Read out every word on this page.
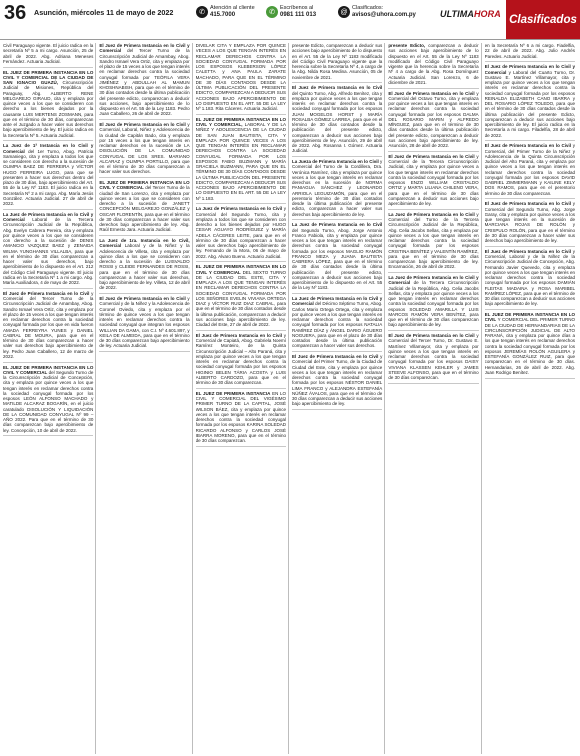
36 Asunción, miércoles 11 de mayo de 2022	✆
Atención al cliente
415.7000	✆
Escríbenos al
0981 111 013	@
Clasificados:
avisos@uhora.com.py	ULTIMAHORA Clasificados

Civil Paraguayo vigente. El juicio radica en la secretaría Nº 5 a mi cargo. Asunción, 25 de abril de 2022. Abg. Adriana Meneses Fernández. Actuaria Judicial.

EL JUEZ DE PRIMERA INSTANCIA EN LO CIVIL Y COMERCIAL DE LA CIUDAD DE SAN IGNACIO GUAZÚ, Circunscripción Judicial de Misiones, República del Paraguay, Abg. ALBERTO RENE MELGAREJO GIRAUD, cita y emplaza por quince veces a los que se consideren con derecho a los bienes dejados por la causante LUIS MERTENS ZOSMANN, para que en el término de 30 días, comparezcan ante el Juzgado a hacer valer sus derechos bajo apercibimiento de ley. El juicio radica en la Secretaría Nº 5. Actuaria Judicial.

La Juez de 1ª Instancia en lo Civil y Comercial del 1er Turno, Abog. Patricia Samaniego, cita y emplaza a todos los que se consideren con derecho a la sucesión de OLIMPIA BAEZ DE FERREIRA y VÍCTOR HUGO FERREIRA LUGO, para que se presenten a hacer sus derechos dentro del plazo de 30 días, bajo apercibimiento del Art. 55 de la Ley Nº 1183. El juicio radica en la Secretaría Nº 2 a mi cargo. Abg. María Jesús González. Actuaria Judicial. 27 de abril de 2022.

La Juez de Primera Instancia en lo Civil y Comercial Laboral de la Tercera Circunscripción Judicial de la República, Abg. Evelyn Cabrera Pereira, cita y emplaza por quince veces a los que se consideren con derecho a la sucesión de DENIS AMANCIO VAZQUEZ BAEZ y ZENAIDA WILMA YUNGHANNS VILLALBA, para que en el término de 30 días comparezcan a hacer valer sus derechos, bajo apercibimiento de lo dispuesto en el Art. 212 del Código Civil Paraguayo vigente. El juicio radica en la Secretaría Nº 1 a mi cargo. Abg. María Auxiliadora, 4 de mayo de 2022.

El Juez de Primera Instancia en lo Civil y Comercial del Tercer Turno de la Circunscripción Judicial de Amambay, Abog. Sandro Ismael Vera Ortiz, cita y emplaza por el plazo de 15 veces a los que tengan interés en reclamar derechos contra la sociedad conyugal formada por los que en vida fueron AMADA FERREYRA YUNES y DANIEL CABRAL DE MOURA, para que en el término de 30 días comparezcan a hacer valer sus derechos bajo apercibimiento de ley. Pedro Juan Caballero, 12 de marzo de 2022.

EL JUEZ DE PRIMERA INSTANCIA EN LO CIVIL Y COMERCIAL del Segundo Turno de la Circunscripción Judicial de Concepción, cita y emplaza por quince veces a los que tengan interés en reclamar derechos contra la sociedad conyugal formada por los esposos LEÓN ALFONSO MACHADO y MATILDE ALCARAZ BOGARÍN, en el juicio caratulado DISOLUCIÓN Y LIQUIDACIÓN DE LA COMUNIDAD CONYUGAL Nº 99 – AÑO 2022. Para que en el término de 30 días comparezcan bajo apercibimiento de ley. Concepción, 10 de abril de 2022.

El Juez de Primera Instancia en lo Civil y Comercial del Tercer Turno de la Circunscripción Judicial de Amambay, Abog. Sandro Ismael Vera Ortiz, cita y emplaza por el plazo de 15 veces a los que tengan interés en reclamar derechos contra la sociedad conyugal formada por TEÓFILA VERA JIMÉNEZ y ABDULLAH AL MAMUN KHOSHNABISH, para que en el término de 30 días contados desde la última publicación del presente edicto, comparezcan a deducir sus acciones, bajo apercibimiento de lo dispuesto en el Art. 55 de la Ley 1183. Pedro Juan Caballero, 26 de abril de 2022.

El Juez de Primera Instancia en lo Civil y Comercial, Laboral, Niñez y Adolescencia de la ciudad de Capitán Bado, cita y emplaza por 15 veces a los que tengan interés en reclamar derechos en la sucesión de LA DISOLUCIÓN DE LA COMUNIDAD CONYUGAL DE LOS SRES. MARIANO ALCARAZ y OLIMPIA PORTILLO, para que en el término de 30 días comparezcan a hacer valer sus derechos.

EL JUEZ DE PRIMERA INSTANCIA EN LO CIVIL Y COMERCIAL del Tercer Turno de la ciudad de San Lorenzo, cita y emplaza por quince veces a los que se consideren con derecho a la sucesión de JANETT CONCEPCIÓN MELGAREJO GONZÁLEZ y OSCAR FLORENTÍN, para que en el término de 30 días comparezcan a hacer valer sus derechos bajo apercibimiento de ley. Abg. Raúl Ernesto Jara. Actuaria Judicial.

La Juez de 1ra. Instancia en lo Civil, Comercial Laboral y de la Niñez y la Adolescencia de Villeta, cita y emplaza por quince días a los que se consideren con derecho a la sucesión de LUISVALDO ROSSI y CLEIDE FERNANDES DE ROSSI, para que en el término de 30 días comparezcan a hacer valer sus derechos, bajo apercibimiento de ley. Villeta, 12 de abril de 2022.

El Juez de Primera Instancia en lo Civil y Comercial y de la Niñez y la Adolescencia de Coronel Oviedo, cita y emplaza por el término de quince veces a los que tengan interés en reclamar derechos contra la sociedad conyugal que integran los esposos WILLIAN DA GAMA, con C.I. Nº 4.601.897, y KEILA DE ALMEIDA, para que en el término de 30 días comparezcan bajo apercibimiento de ley. Actuaria Judicial.

DIVELAR CITA Y EMPLAZA POR QUINCE VECES A LOS QUE TENGAN INTERÉS EN RECLAMAR DERECHOS CONTRA LA SOCIEDAD CONYUGAL FORMADA POR LOS ESPOSOS KLEBERSON LÓPEZ CALETTA y ANA PAULA ZARATE MACHADO, PARA QUE EN EL TÉRMINO DE 30 DÍAS CONTADOS DESDE LA ÚLTIMA PUBLICACIÓN DEL PRESENTE EDICTO, COMPAREZCAN A DEDUCIR SUS ACCIONES BAJO APERCIBIMIENTO DE LO DISPUESTO EN EL ART. 55 DE LA LEY Nº 1.183. Rita Cáceres. Actuaria Judicial.

EL JUEZ DE PRIMERA INSTANCIA EN LO CIVIL Y COMERCIAL, LABORAL Y DE LA NIÑEZ Y ADOLESCENCIA DE LA CIUDAD DE SAN JUAN BAUTISTA, CITA Y EMPLAZA POR QUINCE VECES A LOS QUE TENGAN INTERÉS EN RECLAMAR DERECHOS CONTRA LA SOCIEDAD CONYUGAL FORMADA POR LOS ESPOSOS FABIO BUZMANN y MARÍA GRACIELA BUZMANN, PARA QUE EN EL TÉRMINO DE 30 DÍAS CONTADOS DESDE LA ÚLTIMA PUBLICACIÓN DEL PRESENTE EDICTO, COMPAREZCAN A DEDUCIR SUS ACCIONES BAJO APERCIBIMIENTO DE LO DISPUESTO EN EL ART. 55 DE LA LEY Nº 1.183.

La Juez de Primera Instancia en lo Civil y Comercial del Segundo Turno, cita y emplaza a todos los que se consideren con derecho a los bienes dejados por HUGO CESAR AGUAYO RODRÍGUEZ y MARÍA ADELA CÁCERES LEITE, para que en el término de 30 días comparezcan a hacer valer sus derechos bajo apercibimiento de ley. Fernando de la Mora, 06 de mayo de 2022. Abg. Alvaro Bueno. Actuario Judicial.

EL JUEZ DE PRIMERA INSTANCIA EN LO CIVIL Y COMERCIAL DEL SEXTO TURNO DE LA CIUDAD DEL ESTE, CITA Y EMPLAZA A LOS QUE TENGAN INTERÉS EN RECLAMAR DERECHOS CONTRA LA SOCIEDAD CONYUGAL FORMADA POR LOS SEÑORES EVELIN VIVIANA ORTEGA DIAZ y VÍCTOR RUIZ DIAZ CABRAL, para que en el término de 30 días contados desde la última publicación, comparezcan a deducir sus acciones bajo apercibimiento de ley. Ciudad del Este, 27 de abril de 2022.

El Juez de Primera Instancia en lo Civil y Comercial de Capiatá, Abog. Gabriela Noemí Ramírez Monteiro, de la Quinta Circunscripción Judicial – Alto Paraná, cita y emplaza por quince veces a los que tengan interés en reclamar derechos contra la sociedad conyugal formada por los esposos HIGINIO BELEN TÁRIA ACOSTA y LUIS ALBERTO CARDOZO, para que en el término de 30 días comparezcan.

EL JUEZ DE PRIMERA INSTANCIA EN LO CIVIL Y COMERCIAL DEL VIGÉSIMO PRIMER TURNO DE LA CAPITAL, JOSÉ WILSON BÁEZ, cita y emplaza por quince veces a los que tengan interés en reclamar derechos contra la sociedad conyugal formada por los esposos KARINA SOLEDAD RICARDO ALFONSO y CARLOS JOSÉ IBARRA MORENO, para que en el término de 30 días comparezcan.

presente Edicto, comparezcan a deducir sus acciones bajo apercibimiento de lo dispuesto en el Art. 55 de la Ley Nº 1183 modificado del Código Civil Paraguayo vigente que la herencia sobre la Secretaría Nº 4, a cargo de la Abg. Nilda Rosa Medina. Asunción, 05 de noviembre de 2021.

El Juez de Primera Instancia en lo Civil del Quinto Turno, Abg. Alfredo Benítez, cita y emplaza por quince veces a los que tengan interés en reclamar derechos contra la sociedad conyugal formada por los esposos JUAN MOGELOS HORST y MARÍA ROSALBA GÓMEZ LARREA, para que en el término de 30 días contados desde la publicación del presente edicto, comparezcan a deducir sus acciones bajo apercibimiento de ley. Asunción, 29 de abril de 2022. Abg. Rosanna I. Gómez. Actuaria Judicial.

La Jueza de Primera Instancia en lo Civil y Comercial del Turno de la Cordillera, Dra. Verónica Ramírez, cita y emplaza por quince veces a los que tengan interés en reclamar derechos en la sucesión de NORMA PANIAGUA SÁNCHEZ y LEONARDO ARRIOLA LEGUIZAMÓN, para que en el perentorio término de 30 días contados desde la última publicación del presente edicto, comparezcan a hacer valer sus derechos bajo apercibimiento de ley.

La Juez de Primera Instancia en lo Civil del Segundo Turno, Abog. Jorge Antonio Franco Fabiola, cita y emplaza por quince veces a los que tengan interés en reclamar derechos contra la sociedad conyugal formada por los esposos MAGLIO RAMÓN FRANCO MEZA y JUANA BAUTISTA CABRERA LÓPEZ, para que en el término de 30 días contados desde la última publicación del presente edicto, comparezcan a deducir sus acciones bajo apercibimiento de lo dispuesto en el Art. 55 de la Ley Nº 1183.

La Juez de Primera Instancia en lo Civil y Comercial del Décimo Séptimo Turno, Abog. Carlos Mario Ortega Ortega, cita y emplaza por quince veces a los que tengan interés en reclamar derechos contra la sociedad conyugal formada por los esposos NATALIA RAMÍREZ DÍAZ y ÁNGEL DARIO ÁGUERO NOGUERA, para que en el plazo de 30 días contados desde la última publicación comparezcan a hacer valer sus derechos.

El Juez de Primera Instancia en lo Civil y Comercial del Primer Turno, de la Ciudad de Ciudad del Este, cita y emplaza por quince veces a los que tengan interés en reclamar derechos contra la sociedad conyugal formada por los esposos NÉSTOR DANIEL LIMA FRANCO y ALEJANDRA ESTEFANÍA NÚÑEZ ÁVALOS, para que en el término de 30 días comparezcan a deducir sus acciones bajo apercibimiento de ley.

presente Edicto, comparezcan a deducir sus acciones bajo apercibimiento de lo dispuesto en el Art. 55 de la Ley Nº 1183 modificado del Código Civil Paraguayo vigente que la herencia sobre la Secretaría Nº 4 a cargo de la Abg. Rosa Domínguez Actuaria Judicial. San Lorenzo, 6 de diciembre de 2021.

El Juez de Primera Instancia en lo Civil y Comercial del Octavo Turno, cita y emplaza por quince veces a los que tengan interés en reclamar derechos contra la sociedad conyugal formada por los esposos DALMA DEL ROSARIO MARIN y ALFREDO MÍNGUEZ, para que en el término de 30 días contados desde la última publicación del presente edicto, comparezcan a deducir sus acciones bajo apercibimiento de ley. Asunción, 28 de abril de 2022.

El Juez de Primera Instancia en lo Civil y Comercial de la Tercera Circunscripción Judicial, cita y emplaza por quince veces a los que tengan interés en reclamar derechos contra la sociedad conyugal formada por los esposos ENZO WILLIAM CRISTALDO ORTIZ y MARTA LILIANA CHILENO VERA, para que en el término de 30 días comparezcan a deducir sus acciones bajo apercibimiento de ley.

La Juez de Primera Instancia en lo Civil y Comercial del Turno de la Tercera Circunscripción Judicial de la República, Abg. Celia Jacobs Sellas, cita y emplaza por quince veces a los que tengan interés en reclamar derechos contra la sociedad conyugal formada por los esposos CRISTINA BENÍTEZ y VALENTÍN RAMÍREZ, para que en el término de 30 días comparezcan bajo apercibimiento de ley. Encarnación, 26 de abril de 2022.

La Juez de Primera Instancia en lo Civil y Comercial de la Tercera Circunscripción Judicial de la República, Abg. Celia Jacobs Sellas, cita y emplaza por quince veces a los que tengan interés en reclamar derechos contra la sociedad conyugal formada por los esposos SOLEDAD AMARILLA Y LUIS MARCOS RAMÓN VERA BENÍTEZ, para que en el término de 30 días comparezcan bajo apercibimiento de ley.

El Juez de Primera Instancia en lo Civil y Comercial del Tercer Turno, Dr. Gustavo E. Martínez Villamayor, cita y emplaza por quince veces a los que tengan interés en reclamar derechos contra la sociedad conyugal formada por los esposos DAISY VIVIANA KLASSEN KEHLER y JAMES STEEVE ALFONSO, para que en el término de 30 días comparezcan.

en la Secretaría Nº 6 a mi cargo. Fiadelfia, 22 de abril de 2022. Abg. Julio Andrés Paredes. Actuario Judicial.

El Juez de Primera Instancia en lo Civil y Comercial y Laboral del Cuarto Turno, Dr. Gustavo E. Martínez Villamayor, cita y emplaza por quince veces a los que tengan interés en reclamar derechos contra la sociedad conyugal formada por los esposos REINALDA ELIZABETH CANO IBARRA y DEL ROSARIO LÓPEZ TOLEDO, para que en el término de 30 días contados desde la última publicación del presente Edicto, comparezcan a deducir sus acciones bajo apercibimiento de ley. El juicio radica en la Secretaría a mi cargo. Filadelfia, 28 de abril de 2022.

El Juez de Primera Instancia en lo Civil y Comercial, del Primer Turno de la Niñez y Adolescencia de la Quinta Circunscripción Judicial del Alto Paraná, cita y emplaza por quince veces a los que tengan interés en reclamar derechos contra la sociedad conyugal formada por los esposos DAVID GABRIEL ZIMMERMANN y KAILINE KELY DOS RAMOS, para que en el perentorio término de 30 días comparezcan.

El Juez de Primera Instancia en lo Civil y Comercial del Segundo Turno, Abg. Jorge Garay, cita y emplaza por quince veces a los que tengan interés en la sucesión de MARCIANA ROJAS DE ROLÓN y CRISPULO ROLÓN, para que en el término de 30 días comparezcan a hacer valer sus derechos bajo apercibimiento de ley.

El Juez de Primera Instancia en lo Civil y Comercial, Laboral y de la Niñez de la Circunscripción Judicial de Concepción, Abg. Fernando Javier Quevedo, cita y emplaza por quince veces a los que tengan interés en reclamar derechos contra la sociedad conyugal formada por los esposos DAMIÁN FLEITAS MADAINA y ROSA MARIBEL RAMÍREZ LÓPEZ, para que en el término de 30 días comparezcan a deducir sus acciones bajo apercibimiento de ley.

EL JUEZ DE PRIMERA INSTANCIA EN LO CIVIL Y COMERCIAL DEL PRIMER TURNO DE LA CIUDAD DE HERNANDARIAS DE LA CIRCUNSCRIPCIÓN JUDICIAL DE ALTO PARANÁ, cita y emplaza por quince días a los que tengan interés en reclamar derechos contra la sociedad conyugal formada por los esposos JEREMÍAS ROLÓN AGUILERA y ESTEFANÍA GONZÁLEZ RUIZ, para que comparezcan en el término de 30 días. Hernandarias, 26 de abril de 2022. Abg. Juan Rodrigo Benítez.
